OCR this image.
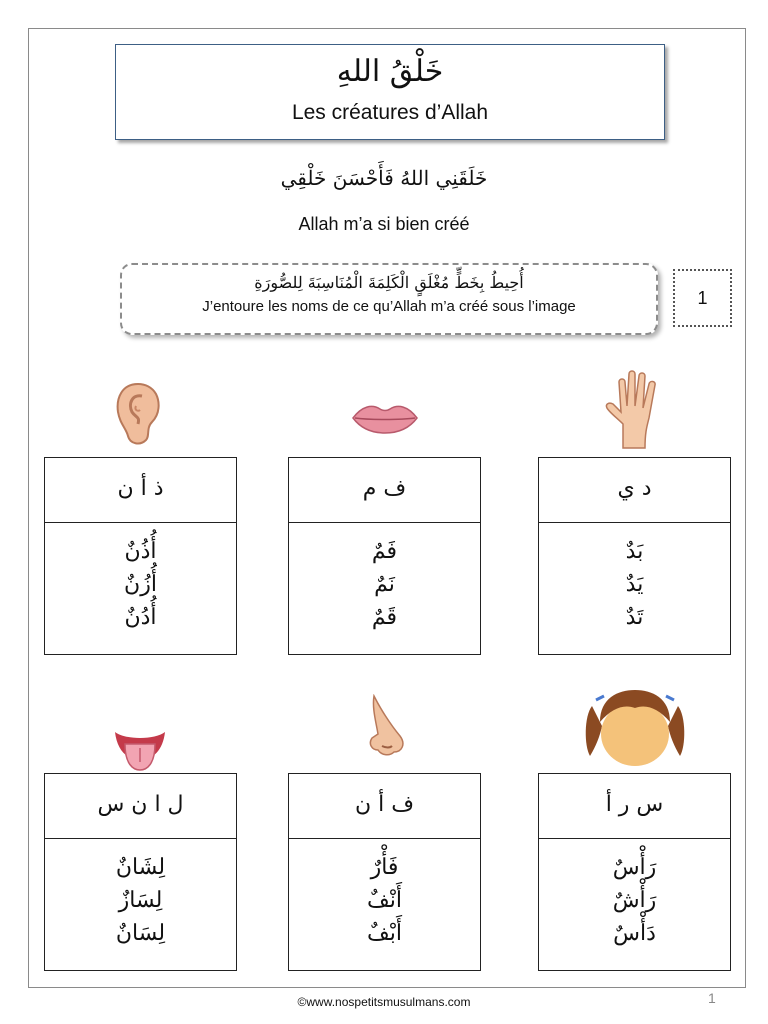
خَلْقُ اللهِ
Les créatures d’Allah
خَلَقَنِي اللهُ فَأَحْسَنَ خَلْقِي
Allah m’a si bien créé
أُحِيطُ بِخَطٍّ مُغْلَقٍ الْكَلِمَةَ الْمُنَاسِبَةَ لِلصُّورَةِ
J’entoure les noms de ce qu’Allah m’a créé sous l’image	1
ذ أ ن
أُذُنٌ
أُزُنٌ
أُدُنٌ
ف م
فَمٌ
نَمٌ
قَمٌ
د ي
بَدٌ
يَدٌ
تَدٌ
ل ا ن س
لِشَانٌ
لِسَازٌ
لِسَانٌ
ف أ ن
فَأْرٌ
أَنْفٌ
أَبْفٌ
س ر أ
رَأْسٌ
رَأْشٌ
دَأْسٌ
©www.nospetitsmusulmans.com	1
